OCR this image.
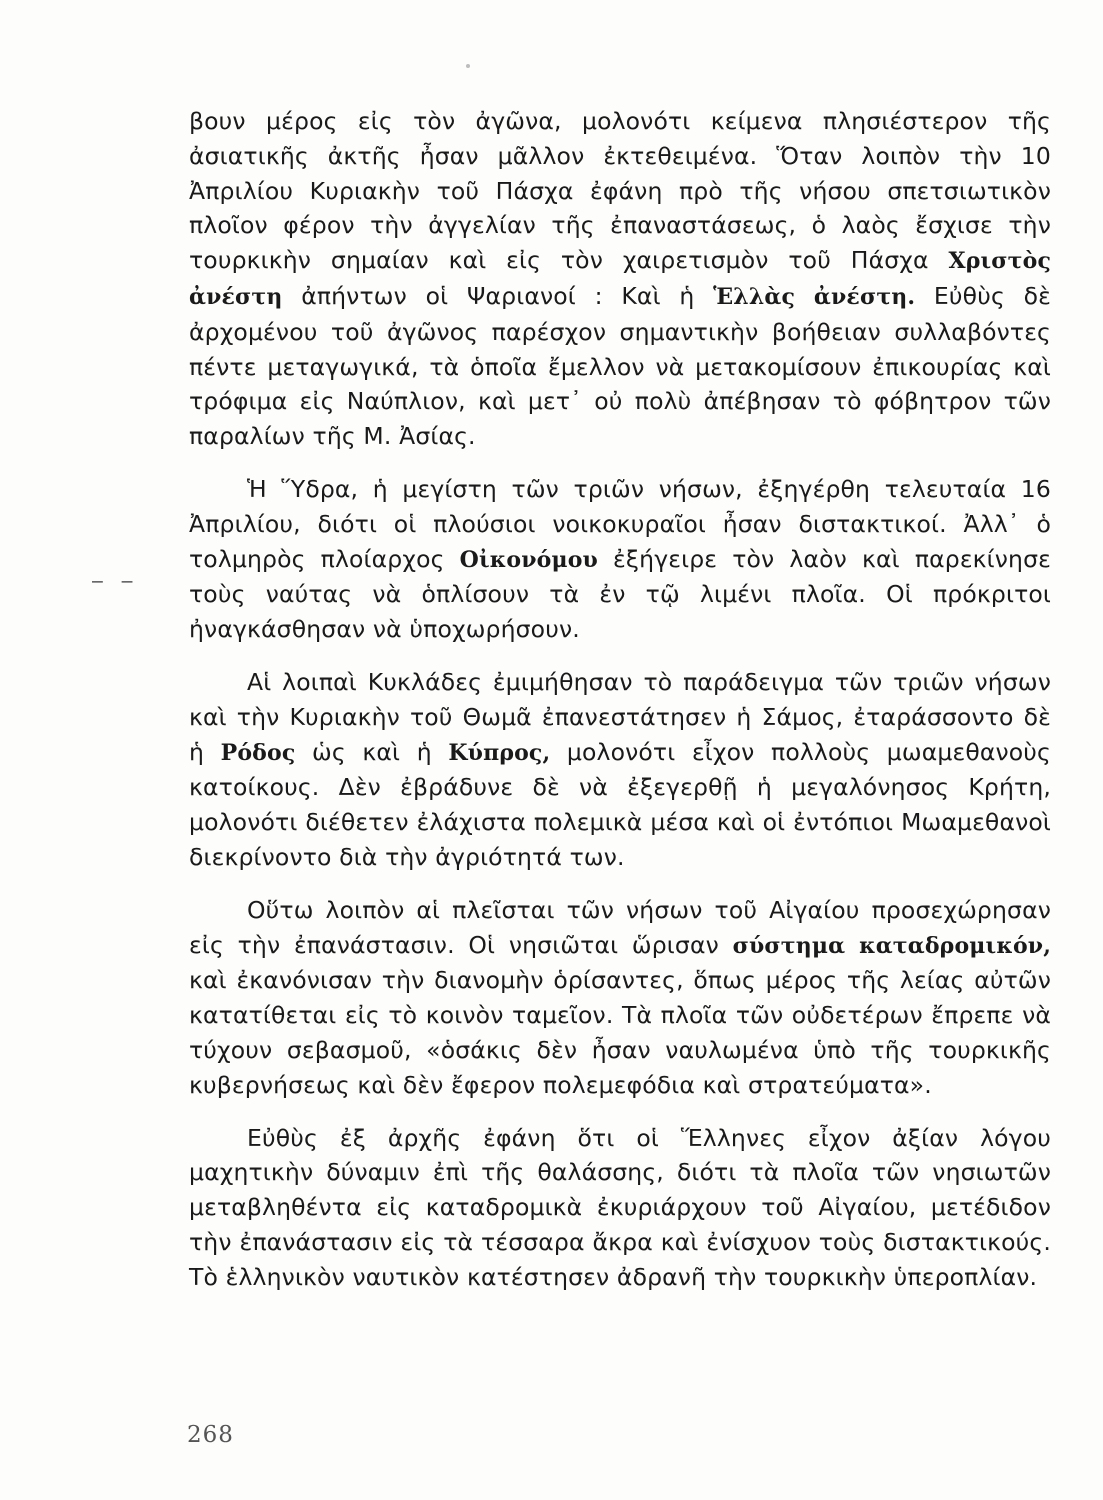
— —

βουν μέρος εἰς τὸν ἀγῶνα, μολονότι κείμενα πλησιέστερον τῆς ἀσιατικῆς ἀκτῆς ἦσαν μᾶλλον ἐκτεθειμένα. Ὅταν λοιπὸν τὴν 10 Ἀπριλίου Κυριακὴν τοῦ Πάσχα ἐφάνη πρὸ τῆς νήσου σπετσιωτικὸν πλοῖον φέρον τὴν ἀγγελίαν τῆς ἐπαναστάσεως, ὁ λαὸς ἔσχισε τὴν τουρκικὴν σημαίαν καὶ εἰς τὸν χαιρετισμὸν τοῦ Πάσχα Χριστὸς ἀνέστη ἀπήντων οἱ Ψαριανοί : Καὶ ἡ Ἑλλὰς ἀνέστη. Εὐθὺς δὲ ἀρχομένου τοῦ ἀγῶνος παρέσχον σημαντικὴν βοήθειαν συλλαβόντες πέντε μεταγωγικά, τὰ ὁποῖα ἔμελλον νὰ μετακομίσουν ἐπικουρίας καὶ τρόφιμα εἰς Ναύπλιον, καὶ μετ᾽ οὐ πολὺ ἀπέβησαν τὸ φόβητρον τῶν παραλίων τῆς Μ. Ἀσίας.

Ἡ Ὕδρα, ἡ μεγίστη τῶν τριῶν νήσων, ἐξηγέρθη τελευταία 16 Ἀπριλίου, διότι οἱ πλούσιοι νοικοκυραῖοι ἦσαν διστακτικοί. Ἀλλ᾽ ὁ τολμηρὸς πλοίαρχος Οἰκονόμου ἐξήγειρε τὸν λαὸν καὶ παρεκίνησε τοὺς ναύτας νὰ ὁπλίσουν τὰ ἐν τῷ λιμένι πλοῖα. Οἱ πρόκριτοι ἠναγκάσθησαν νὰ ὑποχωρήσουν.

Αἱ λοιπαὶ Κυκλάδες ἐμιμήθησαν τὸ παράδειγμα τῶν τριῶν νήσων καὶ τὴν Κυριακὴν τοῦ Θωμᾶ ἐπανεστάτησεν ἡ Σάμος, ἐταράσσοντο δὲ ἡ Ρόδος ὡς καὶ ἡ Κύπρος, μολονότι εἶχον πολλοὺς μωαμεθανοὺς κατοίκους. Δὲν ἐβράδυνε δὲ νὰ ἐξεγερθῇ ἡ μεγαλόνησος Κρήτη, μολονότι διέθετεν ἐλάχιστα πολεμικὰ μέσα καὶ οἱ ἐντόπιοι Μωαμεθανοὶ διεκρίνοντο διὰ τὴν ἀγριότητά των.

Οὕτω λοιπὸν αἱ πλεῖσται τῶν νήσων τοῦ Αἰγαίου προσεχώρησαν εἰς τὴν ἐπανάστασιν. Οἱ νησιῶται ὥρισαν σύστημα καταδρομικόν, καὶ ἐκανόνισαν τὴν διανομὴν ὁρίσαντες, ὅπως μέρος τῆς λείας αὐτῶν κατατίθεται εἰς τὸ κοινὸν ταμεῖον. Τὰ πλοῖα τῶν οὐδετέρων ἔπρεπε νὰ τύχουν σεβασμοῦ, «ὁσάκις δὲν ἦσαν ναυλωμένα ὑπὸ τῆς τουρκικῆς κυβερνήσεως καὶ δὲν ἔφερον πολεμεφόδια καὶ στρατεύματα».

Εὐθὺς ἐξ ἀρχῆς ἐφάνη ὅτι οἱ Ἕλληνες εἶχον ἀξίαν λόγου μαχητικὴν δύναμιν ἐπὶ τῆς θαλάσσης, διότι τὰ πλοῖα τῶν νησιωτῶν μεταβληθέντα εἰς καταδρομικὰ ἐκυριάρχουν τοῦ Αἰγαίου, μετέδιδον τὴν ἐπανάστασιν εἰς τὰ τέσσαρα ἄκρα καὶ ἐνίσχυον τοὺς διστακτικούς. Τὸ ἑλληνικὸν ναυτικὸν κατέστησεν ἀδρανῆ τὴν τουρκικὴν ὑπεροπλίαν.

268
